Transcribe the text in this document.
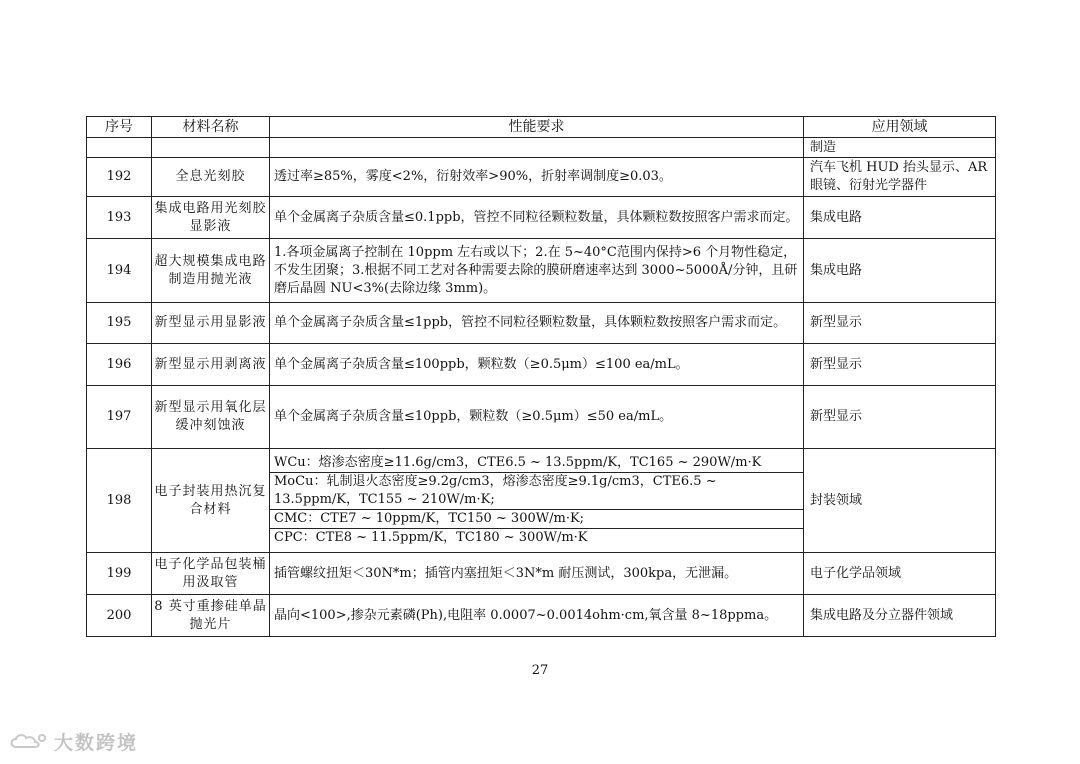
序号	材料名称	性能要求	应用领域
			制造
192	全息光刻胶	透过率≥85%，雾度<2%，衍射效率>90%，折射率调制度≥0.03。	汽车飞机 HUD 抬头显示、AR 眼镜、衍射光学器件
193	集成电路用光刻胶显影液	单个金属离子杂质含量≤0.1ppb，管控不同粒径颗粒数量，具体颗粒数按照客户需求而定。	集成电路
194	超大规模集成电路制造用抛光液	1.各项金属离子控制在 10ppm 左右或以下；2.在 5~40°C范围内保持>6 个月物性稳定，不发生团聚；3.根据不同工艺对各种需要去除的膜研磨速率达到 3000~5000Å/分钟，且研磨后晶圆 NU<3%(去除边缘 3mm)。	集成电路
195	新型显示用显影液	单个金属离子杂质含量≤1ppb，管控不同粒径颗粒数量，具体颗粒数按照客户需求而定。	新型显示
196	新型显示用剥离液	单个金属离子杂质含量≤100ppb，颗粒数（≥0.5μm）≤100 ea/mL。	新型显示
197	新型显示用氧化层缓冲刻蚀液	单个金属离子杂质含量≤10ppb，颗粒数（≥0.5μm）≤50 ea/mL。	新型显示
198	电子封装用热沉复合材料	WCu：熔渗态密度≥11.6g/cm3，CTE6.5 ~ 13.5ppm/K，TC165 ~ 290W/m·K
MoCu：轧制退火态密度≥9.2g/cm3，熔渗态密度≥9.1g/cm3，CTE6.5 ~ 13.5ppm/K，TC155 ~ 210W/m·K;
CMC：CTE7 ~ 10ppm/K，TC150 ~ 300W/m·K;
CPC：CTE8 ~ 11.5ppm/K，TC180 ~ 300W/m·K	封装领域
199	电子化学品包装桶用汲取管	插管螺纹扭矩＜30N*m；插管内塞扭矩＜3N*m 耐压测试，300kpa，无泄漏。	电子化学品领域
200	8 英寸重掺硅单晶抛光片	晶向<100>,掺杂元素磷(Ph),电阻率 0.0007~0.0014ohm·cm,氧含量 8~18ppma。	集成电路及分立器件领域
27
大数跨境
